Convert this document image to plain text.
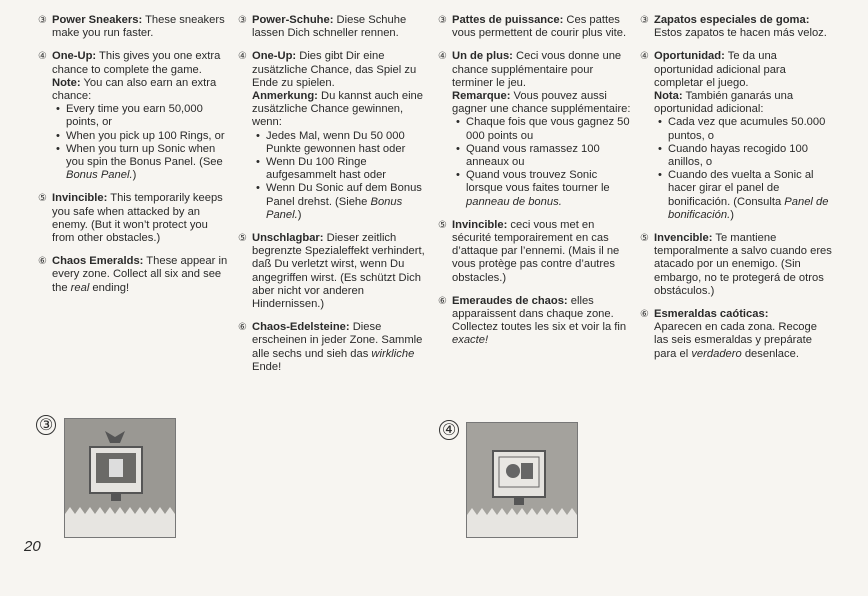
③ Power Sneakers: These sneakers make you run faster.
④ One-Up: This gives you one extra chance to complete the game.
Note: You can also earn an extra chance:
• Every time you earn 50,000 points, or
• When you pick up 100 Rings, or
• When you turn up Sonic when you spin the Bonus Panel. (See Bonus Panel.)
⑤ Invincible: This temporarily keeps you safe when attacked by an enemy. (But it won’t protect you from other obstacles.)
⑥ Chaos Emeralds: These appear in every zone. Collect all six and see the real ending!
③ Power-Schuhe: Diese Schuhe lassen Dich schneller rennen.
④ One-Up: Dies gibt Dir eine zusätzliche Chance, das Spiel zu Ende zu spielen.
Anmerkung: Du kannst auch eine zusätzliche Chance gewinnen, wenn:
• Jedes Mal, wenn Du 50 000 Punkte gewonnen hast oder
• Wenn Du 100 Ringe aufgesammelt hast oder
• Wenn Du Sonic auf dem Bonus Panel drehst. (Siehe Bonus Panel.)
⑤ Unschlagbar: Dieser zeitlich begrenzte Spezialeffekt verhindert, daß Du verletzt wirst, wenn Du angegriffen wirst. (Es schützt Dich aber nicht vor anderen Hindernissen.)
⑥ Chaos-Edelsteine: Diese erscheinen in jeder Zone. Sammle alle sechs und sieh das wirkliche Ende!
③ Pattes de puissance: Ces pattes vous permettent de courir plus vite.
④ Un de plus: Ceci vous donne une chance supplémentaire pour terminer le jeu.
Remarque: Vous pouvez aussi gagner une chance supplémentaire:
• Chaque fois que vous gagnez 50 000 points ou
• Quand vous ramassez 100 anneaux ou
• Quand vous trouvez Sonic lorsque vous faites tourner le panneau de bonus.
⑤ Invincible: ceci vous met en sécurité temporairement en cas d’attaque par l’ennemi. (Mais il ne vous protège pas contre d’autres obstacles.)
⑥ Emeraudes de chaos: elles apparaissent dans chaque zone. Collectez toutes les six et voir la fin exacte!
③ Zapatos especiales de goma: Estos zapatos te hacen más veloz.
④ Oportunidad: Te da una oportunidad adicional para completar el juego.
Nota: También ganarás una oportunidad adicional:
• Cada vez que acumules 50.000 puntos, o
• Cuando hayas recogido 100 anillos, o
• Cuando des vuelta a Sonic al hacer girar el panel de bonificación. (Consulta Panel de bonificación.)
⑤ Invencible: Te mantiene temporalmente a salvo cuando eres atacado por un enemigo. (Sin embargo, no te protegerá de otros obstáculos.)
⑥ Esmeraldas caóticas:
Aparecen en cada zona. Recoge las seis esmeraldas y prepárate para el verdadero desenlace.
③	④
20
